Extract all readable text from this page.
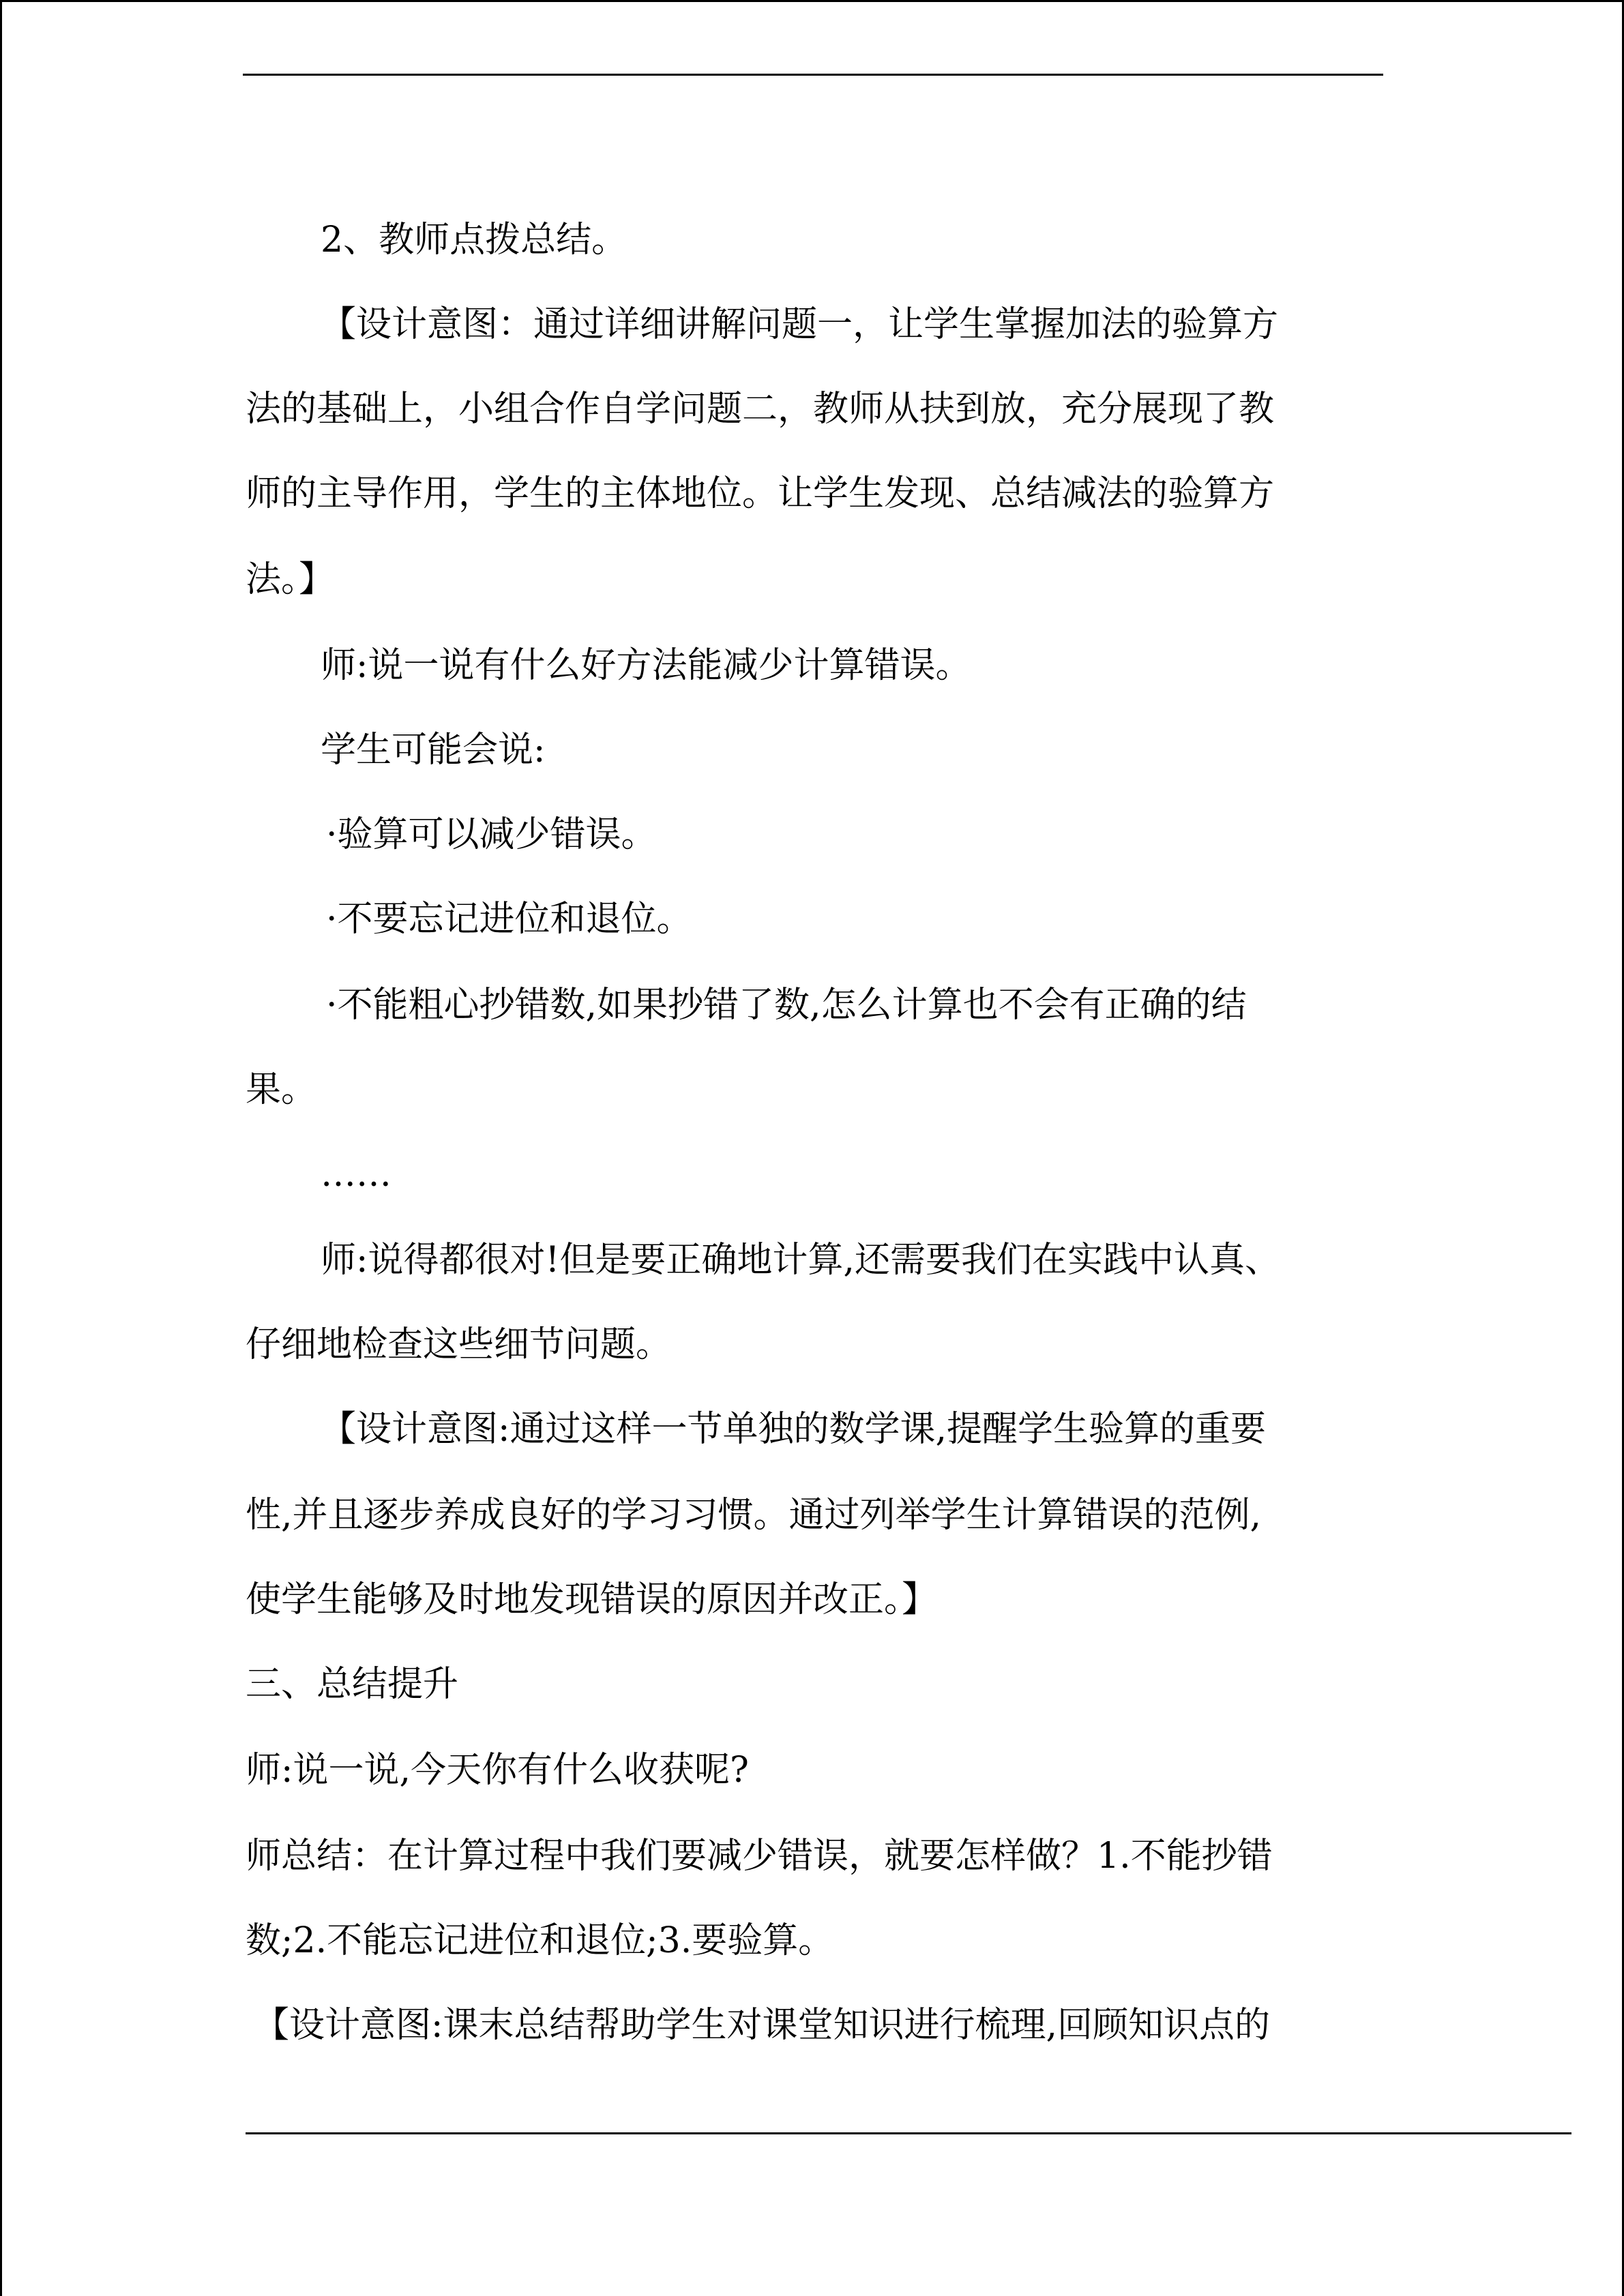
2、教师点拨总结。
【设计意图：通过详细讲解问题一，让学生掌握加法的验算方
法的基础上，小组合作自学问题二，教师从扶到放，充分展现了教
师的主导作用，学生的主体地位。让学生发现、总结减法的验算方
法。】
师:说一说有什么好方法能减少计算错误。
学生可能会说:
·验算可以减少错误。
·不要忘记进位和退位。
·不能粗心抄错数,如果抄错了数,怎么计算也不会有正确的结
果。
……
师:说得都很对!但是要正确地计算,还需要我们在实践中认真、
仔细地检查这些细节问题。
【设计意图:通过这样一节单独的数学课,提醒学生验算的重要
性,并且逐步养成良好的学习习惯。通过列举学生计算错误的范例,
使学生能够及时地发现错误的原因并改正。】
三、总结提升
师:说一说,今天你有什么收获呢?
师总结：在计算过程中我们要减少错误，就要怎样做？1.不能抄错
数;2.不能忘记进位和退位;3.要验算。
【设计意图:课末总结帮助学生对课堂知识进行梳理,回顾知识点的
